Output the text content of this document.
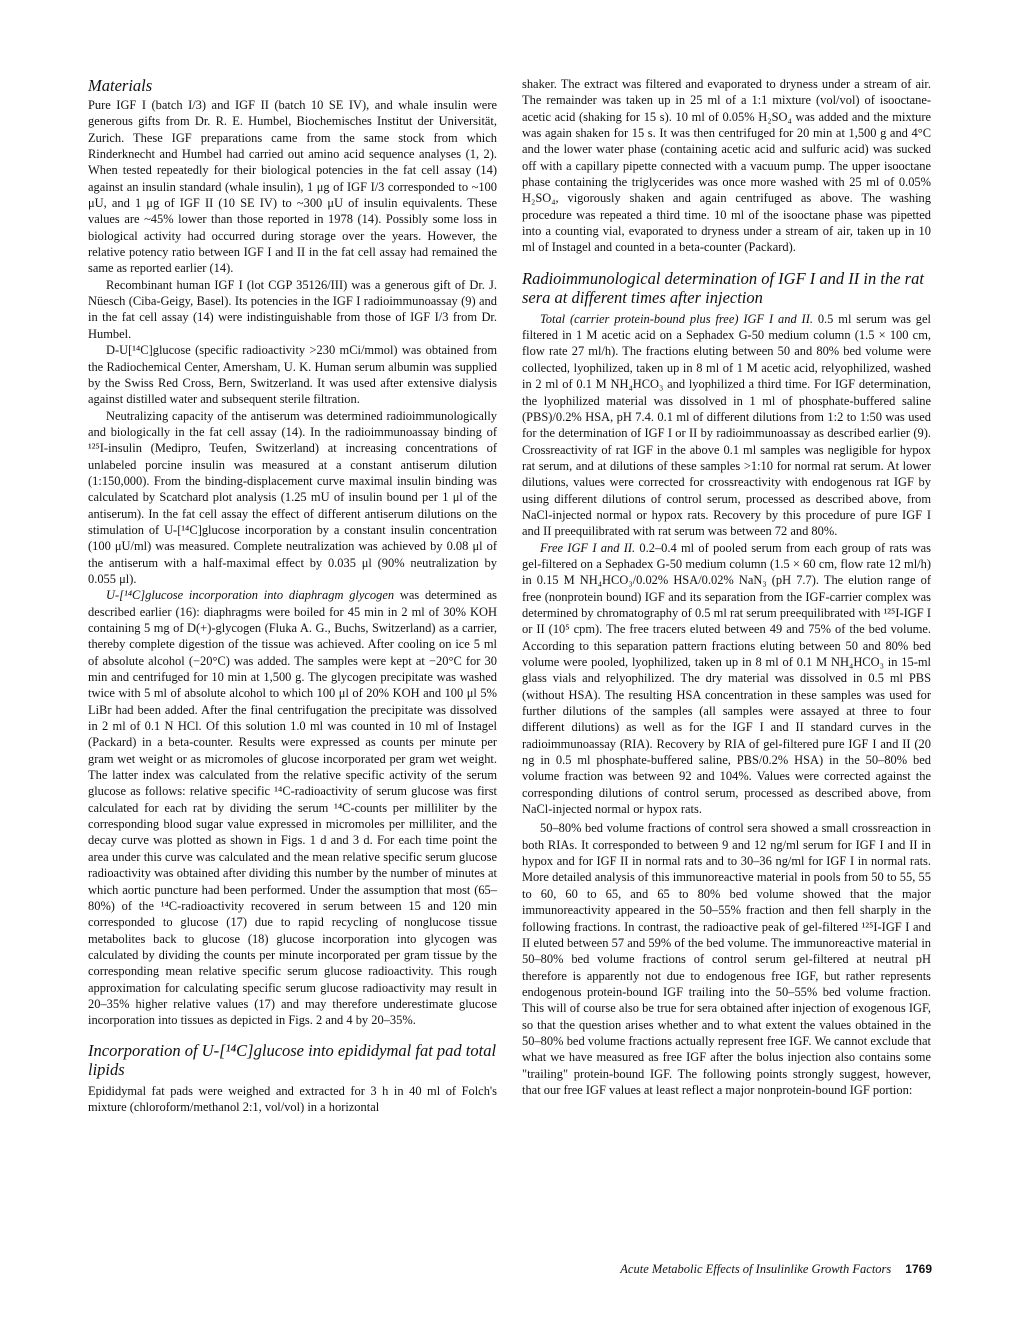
Materials

Pure IGF I (batch I/3) and IGF II (batch 10 SE IV), and whale insulin were generous gifts from Dr. R. E. Humbel, Biochemisches Institut der Universität, Zurich. These IGF preparations came from the same stock from which Rinderknecht and Humbel had carried out amino acid sequence analyses (1, 2). When tested repeatedly for their biological potencies in the fat cell assay (14) against an insulin standard (whale insulin), 1 μg of IGF I/3 corresponded to ~100 μU, and 1 μg of IGF II (10 SE IV) to ~300 μU of insulin equivalents. These values are ~45% lower than those reported in 1978 (14). Possibly some loss in biological activity had occurred during storage over the years. However, the relative potency ratio between IGF I and II in the fat cell assay had remained the same as reported earlier (14).

Recombinant human IGF I (lot CGP 35126/III) was a generous gift of Dr. J. Nüesch (Ciba-Geigy, Basel). Its potencies in the IGF I radioimmunoassay (9) and in the fat cell assay (14) were indistinguishable from those of IGF I/3 from Dr. Humbel.

D-U[¹⁴C]glucose (specific radioactivity >230 mCi/mmol) was obtained from the Radiochemical Center, Amersham, U. K. Human serum albumin was supplied by the Swiss Red Cross, Bern, Switzerland. It was used after extensive dialysis against distilled water and subsequent sterile filtration.

Neutralizing capacity of the antiserum was determined radioimmunologically and biologically in the fat cell assay (14). In the radioimmunoassay binding of ¹²⁵I-insulin (Medipro, Teufen, Switzerland) at increasing concentrations of unlabeled porcine insulin was measured at a constant antiserum dilution (1:150,000). From the binding-displacement curve maximal insulin binding was calculated by Scatchard plot analysis (1.25 mU of insulin bound per 1 μl of the antiserum). In the fat cell assay the effect of different antiserum dilutions on the stimulation of U-[¹⁴C]glucose incorporation by a constant insulin concentration (100 μU/ml) was measured. Complete neutralization was achieved by 0.08 μl of the antiserum with a half-maximal effect by 0.035 μl (90% neutralization by 0.055 μl).

U-[¹⁴C]glucose incorporation into diaphragm glycogen was determined as described earlier (16): diaphragms were boiled for 45 min in 2 ml of 30% KOH containing 5 mg of D(+)-glycogen (Fluka A. G., Buchs, Switzerland) as a carrier, thereby complete digestion of the tissue was achieved. After cooling on ice 5 ml of absolute alcohol (−20°C) was added. The samples were kept at −20°C for 30 min and centrifuged for 10 min at 1,500 g. The glycogen precipitate was washed twice with 5 ml of absolute alcohol to which 100 μl of 20% KOH and 100 μl 5% LiBr had been added. After the final centrifugation the precipitate was dissolved in 2 ml of 0.1 N HCl. Of this solution 1.0 ml was counted in 10 ml of Instagel (Packard) in a beta-counter. Results were expressed as counts per minute per gram wet weight or as micromoles of glucose incorporated per gram wet weight. The latter index was calculated from the relative specific activity of the serum glucose as follows: relative specific ¹⁴C-radioactivity of serum glucose was first calculated for each rat by dividing the serum ¹⁴C-counts per milliliter by the corresponding blood sugar value expressed in micromoles per milliliter, and the decay curve was plotted as shown in Figs. 1 d and 3 d. For each time point the area under this curve was calculated and the mean relative specific serum glucose radioactivity was obtained after dividing this number by the number of minutes at which aortic puncture had been performed. Under the assumption that most (65–80%) of the ¹⁴C-radioactivity recovered in serum between 15 and 120 min corresponded to glucose (17) due to rapid recycling of nonglucose tissue metabolites back to glucose (18) glucose incorporation into glycogen was calculated by dividing the counts per minute incorporated per gram tissue by the corresponding mean relative specific serum glucose radioactivity. This rough approximation for calculating specific serum glucose radioactivity may result in 20–35% higher relative values (17) and may therefore underestimate glucose incorporation into tissues as depicted in Figs. 2 and 4 by 20–35%.

Incorporation of U-[¹⁴C]glucose into epididymal fat pad total lipids

Epididymal fat pads were weighed and extracted for 3 h in 40 ml of Folch's mixture (chloroform/methanol 2:1, vol/vol) in a horizontal

shaker. The extract was filtered and evaporated to dryness under a stream of air. The remainder was taken up in 25 ml of a 1:1 mixture (vol/vol) of isooctane-acetic acid (shaking for 15 s). 10 ml of 0.05% H₂SO₄ was added and the mixture was again shaken for 15 s. It was then centrifuged for 20 min at 1,500 g and 4°C and the lower water phase (containing acetic acid and sulfuric acid) was sucked off with a capillary pipette connected with a vacuum pump. The upper isooctane phase containing the triglycerides was once more washed with 25 ml of 0.05% H₂SO₄, vigorously shaken and again centrifuged as above. The washing procedure was repeated a third time. 10 ml of the isooctane phase was pipetted into a counting vial, evaporated to dryness under a stream of air, taken up in 10 ml of Instagel and counted in a beta-counter (Packard).

Radioimmunological determination of IGF I and II in the rat sera at different times after injection

Total (carrier protein-bound plus free) IGF I and II. 0.5 ml serum was gel filtered in 1 M acetic acid on a Sephadex G-50 medium column (1.5 × 100 cm, flow rate 27 ml/h). The fractions eluting between 50 and 80% bed volume were collected, lyophilized, taken up in 8 ml of 1 M acetic acid, relyophilized, washed in 2 ml of 0.1 M NH₄HCO₃ and lyophilized a third time. For IGF determination, the lyophilized material was dissolved in 1 ml of phosphate-buffered saline (PBS)/0.2% HSA, pH 7.4. 0.1 ml of different dilutions from 1:2 to 1:50 was used for the determination of IGF I or II by radioimmunoassay as described earlier (9). Crossreactivity of rat IGF in the above 0.1 ml samples was negligible for hypox rat serum, and at dilutions of these samples >1:10 for normal rat serum. At lower dilutions, values were corrected for crossreactivity with endogenous rat IGF by using different dilutions of control serum, processed as described above, from NaCl-injected normal or hypox rats. Recovery by this procedure of pure IGF I and II preequilibrated with rat serum was between 72 and 80%.

Free IGF I and II. 0.2–0.4 ml of pooled serum from each group of rats was gel-filtered on a Sephadex G-50 medium column (1.5 × 60 cm, flow rate 12 ml/h) in 0.15 M NH₄HCO₃/0.02% HSA/0.02% NaN₃ (pH 7.7). The elution range of free (nonprotein bound) IGF and its separation from the IGF-carrier complex was determined by chromatography of 0.5 ml rat serum preequilibrated with ¹²⁵I-IGF I or II (10⁵ cpm). The free tracers eluted between 49 and 75% of the bed volume. According to this separation pattern fractions eluting between 50 and 80% bed volume were pooled, lyophilized, taken up in 8 ml of 0.1 M NH₄HCO₃ in 15-ml glass vials and relyophilized. The dry material was dissolved in 0.5 ml PBS (without HSA). The resulting HSA concentration in these samples was used for further dilutions of the samples (all samples were assayed at three to four different dilutions) as well as for the IGF I and II standard curves in the radioimmunoassay (RIA). Recovery by RIA of gel-filtered pure IGF I and II (20 ng in 0.5 ml phosphate-buffered saline, PBS/0.2% HSA) in the 50–80% bed volume fraction was between 92 and 104%. Values were corrected against the corresponding dilutions of control serum, processed as described above, from NaCl-injected normal or hypox rats.

50–80% bed volume fractions of control sera showed a small crossreaction in both RIAs. It corresponded to between 9 and 12 ng/ml serum for IGF I and II in hypox and for IGF II in normal rats and to 30–36 ng/ml for IGF I in normal rats. More detailed analysis of this immunoreactive material in pools from 50 to 55, 55 to 60, 60 to 65, and 65 to 80% bed volume showed that the major immunoreactivity appeared in the 50–55% fraction and then fell sharply in the following fractions. In contrast, the radioactive peak of gel-filtered ¹²⁵I-IGF I and II eluted between 57 and 59% of the bed volume. The immunoreactive material in 50–80% bed volume fractions of control serum gel-filtered at neutral pH therefore is apparently not due to endogenous free IGF, but rather represents endogenous protein-bound IGF trailing into the 50–55% bed volume fraction. This will of course also be true for sera obtained after injection of exogenous IGF, so that the question arises whether and to what extent the values obtained in the 50–80% bed volume fractions actually represent free IGF. We cannot exclude that what we have measured as free IGF after the bolus injection also contains some "trailing" protein-bound IGF. The following points strongly suggest, however, that our free IGF values at least reflect a major nonprotein-bound IGF portion:

Acute Metabolic Effects of Insulinlike Growth Factors 1769
